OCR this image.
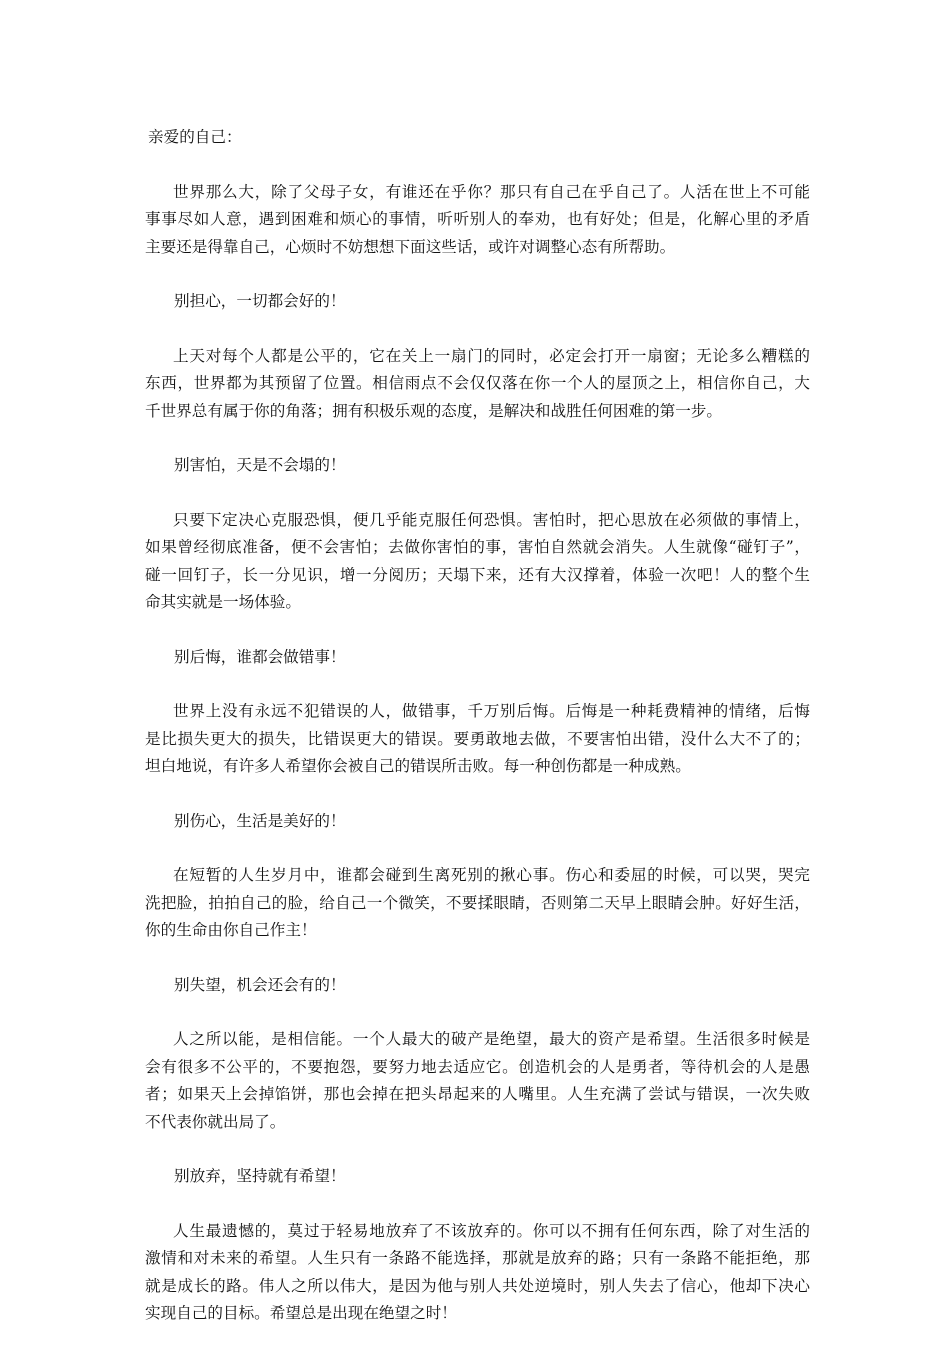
亲爱的自己：
世界那么大，除了父母子女，有谁还在乎你？那只有自己在乎自己了。人活在世上不可能
事事尽如人意，遇到困难和烦心的事情，听听别人的奉劝，也有好处；但是，化解心里的矛盾
主要还是得靠自己，心烦时不妨想想下面这些话，或许对调整心态有所帮助。
别担心，一切都会好的！
上天对每个人都是公平的，它在关上一扇门的同时，必定会打开一扇窗；无论多么糟糕的
东西，世界都为其预留了位置。相信雨点不会仅仅落在你一个人的屋顶之上，相信你自己，大
千世界总有属于你的角落；拥有积极乐观的态度，是解决和战胜任何困难的第一步。
别害怕，天是不会塌的！
只要下定决心克服恐惧，便几乎能克服任何恐惧。害怕时，把心思放在必须做的事情上，
如果曾经彻底准备，便不会害怕；去做你害怕的事，害怕自然就会消失。人生就像“碰钉子”，
碰一回钉子，长一分见识，增一分阅历；天塌下来，还有大汉撑着，体验一次吧！人的整个生
命其实就是一场体验。
别后悔，谁都会做错事！
世界上没有永远不犯错误的人，做错事，千万别后悔。后悔是一种耗费精神的情绪，后悔
是比损失更大的损失，比错误更大的错误。要勇敢地去做，不要害怕出错，没什么大不了的；
坦白地说，有许多人希望你会被自己的错误所击败。每一种创伤都是一种成熟。
别伤心，生活是美好的！
在短暂的人生岁月中，谁都会碰到生离死别的揪心事。伤心和委屈的时候，可以哭，哭完
洗把脸，拍拍自己的脸，给自己一个微笑，不要揉眼睛，否则第二天早上眼睛会肿。好好生活，
你的生命由你自己作主！
别失望，机会还会有的！
人之所以能，是相信能。一个人最大的破产是绝望，最大的资产是希望。生活很多时候是
会有很多不公平的，不要抱怨，要努力地去适应它。创造机会的人是勇者，等待机会的人是愚
者；如果天上会掉馅饼，那也会掉在把头昂起来的人嘴里。人生充满了尝试与错误，一次失败
不代表你就出局了。
别放弃，坚持就有希望！
人生最遗憾的，莫过于轻易地放弃了不该放弃的。你可以不拥有任何东西，除了对生活的
激情和对未来的希望。人生只有一条路不能选择，那就是放弃的路；只有一条路不能拒绝，那
就是成长的路。伟人之所以伟大，是因为他与别人共处逆境时，别人失去了信心，他却下决心
实现自己的目标。希望总是出现在绝望之时！
